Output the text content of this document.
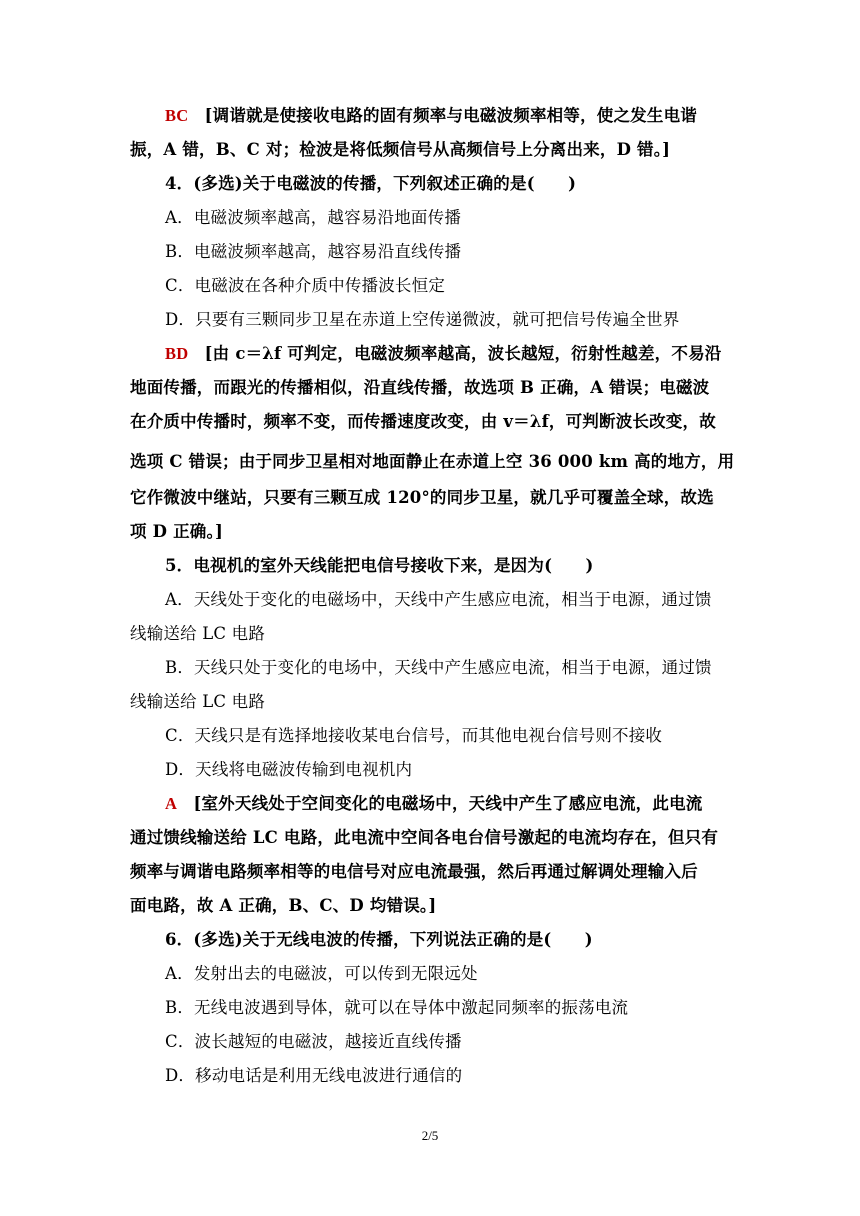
BC [调谐就是使接收电路的固有频率与电磁波频率相等，使之发生电谐
振，A 错，B、C 对；检波是将低频信号从高频信号上分离出来，D 错。]
4．(多选)关于电磁波的传播，下列叙述正确的是(　　)
A．电磁波频率越高，越容易沿地面传播
B．电磁波频率越高，越容易沿直线传播
C．电磁波在各种介质中传播波长恒定
D．只要有三颗同步卫星在赤道上空传递微波，就可把信号传遍全世界
BD [由 c＝λf 可判定，电磁波频率越高，波长越短，衍射性越差，不易沿
地面传播，而跟光的传播相似，沿直线传播，故选项 B 正确，A 错误；电磁波
在介质中传播时，频率不变，而传播速度改变，由 v＝λf，可判断波长改变，故
选项 C 错误；由于同步卫星相对地面静止在赤道上空 36 000 km 高的地方，用
它作微波中继站，只要有三颗互成 120°的同步卫星，就几乎可覆盖全球，故选
项 D 正确。]
5．电视机的室外天线能把电信号接收下来，是因为(　　)
A．天线处于变化的电磁场中，天线中产生感应电流，相当于电源，通过馈
线输送给 LC 电路
B．天线只处于变化的电场中，天线中产生感应电流，相当于电源，通过馈
线输送给 LC 电路
C．天线只是有选择地接收某电台信号，而其他电视台信号则不接收
D．天线将电磁波传输到电视机内
A [室外天线处于空间变化的电磁场中，天线中产生了感应电流，此电流
通过馈线输送给 LC 电路，此电流中空间各电台信号激起的电流均存在，但只有
频率与调谐电路频率相等的电信号对应电流最强，然后再通过解调处理输入后
面电路，故 A 正确，B、C、D 均错误。]
6．(多选)关于无线电波的传播，下列说法正确的是(　　)
A．发射出去的电磁波，可以传到无限远处
B．无线电波遇到导体，就可以在导体中激起同频率的振荡电流
C．波长越短的电磁波，越接近直线传播
D．移动电话是利用无线电波进行通信的
2/5
